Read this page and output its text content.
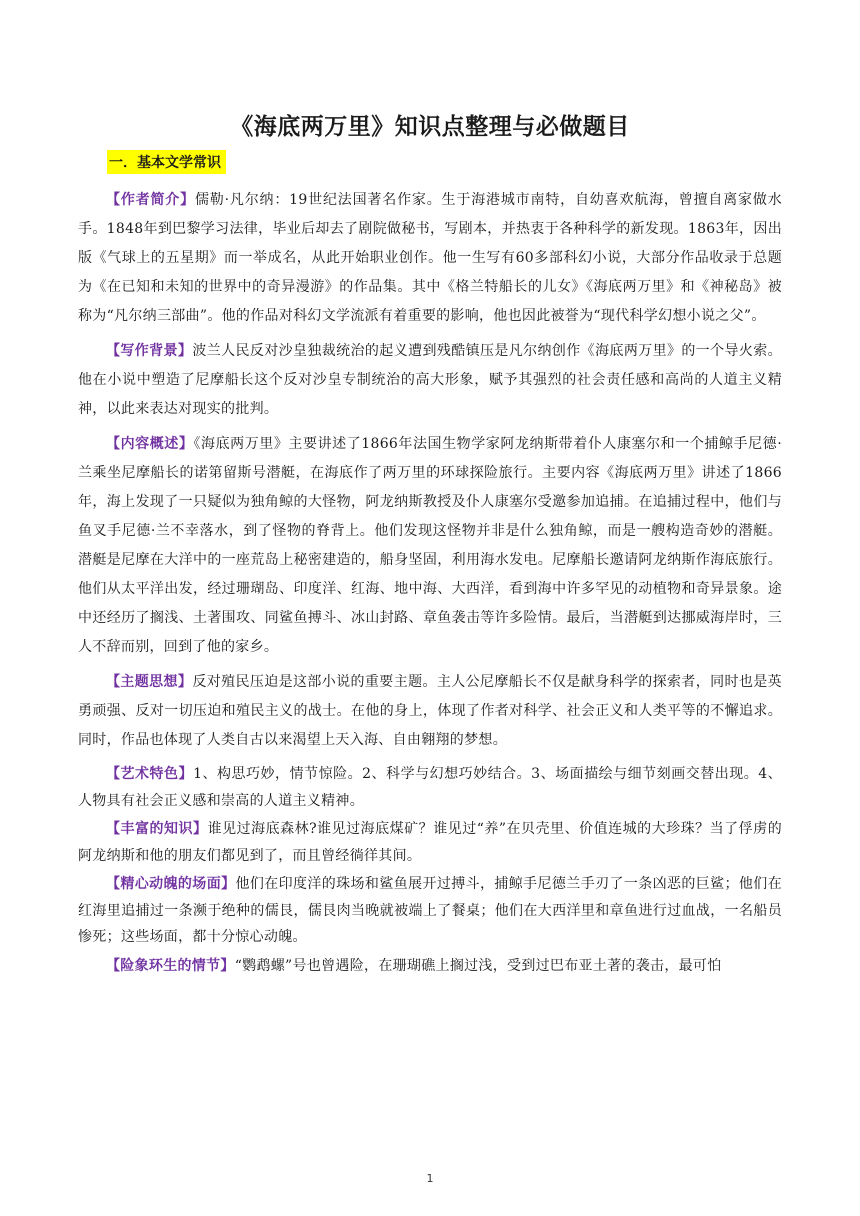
《海底两万里》知识点整理与必做题目
一．基本文学常识

【作者简介】儒勒·凡尔纳：19世纪法国著名作家。生于海港城市南特，自幼喜欢航海，曾擅自离家做水手。1848年到巴黎学习法律，毕业后却去了剧院做秘书，写剧本，并热衷于各种科学的新发现。1863年，因出版《气球上的五星期》而一举成名，从此开始职业创作。他一生写有60多部科幻小说，大部分作品收录于总题为《在已知和未知的世界中的奇异漫游》的作品集。其中《格兰特船长的儿女》《海底两万里》和《神秘岛》被称为“凡尔纳三部曲”。他的作品对科幻文学流派有着重要的影响，他也因此被誉为“现代科学幻想小说之父”。

【写作背景】波兰人民反对沙皇独裁统治的起义遭到残酷镇压是凡尔纳创作《海底两万里》的一个导火索。他在小说中塑造了尼摩船长这个反对沙皇专制统治的高大形象，赋予其强烈的社会责任感和高尚的人道主义精神，以此来表达对现实的批判。

【内容概述】《海底两万里》主要讲述了1866年法国生物学家阿龙纳斯带着仆人康塞尔和一个捕鲸手尼德·兰乘坐尼摩船长的诺第留斯号潜艇，在海底作了两万里的环球探险旅行。主要内容《海底两万里》讲述了1866年，海上发现了一只疑似为独角鲸的大怪物，阿龙纳斯教授及仆人康塞尔受邀参加追捕。在追捕过程中，他们与鱼叉手尼德·兰不幸落水，到了怪物的脊背上。他们发现这怪物并非是什么独角鲸，而是一艘构造奇妙的潜艇。潜艇是尼摩在大洋中的一座荒岛上秘密建造的，船身坚固，利用海水发电。尼摩船长邀请阿龙纳斯作海底旅行。他们从太平洋出发，经过珊瑚岛、印度洋、红海、地中海、大西洋，看到海中许多罕见的动植物和奇异景象。途中还经历了搁浅、土著围攻、同鲨鱼搏斗、冰山封路、章鱼袭击等许多险情。最后，当潜艇到达挪威海岸时，三人不辞而别，回到了他的家乡。

【主题思想】反对殖民压迫是这部小说的重要主题。主人公尼摩船长不仅是献身科学的探索者，同时也是英勇顽强、反对一切压迫和殖民主义的战士。在他的身上，体现了作者对科学、社会正义和人类平等的不懈追求。同时，作品也体现了人类自古以来渴望上天入海、自由翱翔的梦想。

【艺术特色】1、构思巧妙，情节惊险。2、科学与幻想巧妙结合。3、场面描绘与细节刻画交替出现。4、人物具有社会正义感和崇高的人道主义精神。

【丰富的知识】谁见过海底森林?谁见过海底煤矿？谁见过“养”在贝壳里、价值连城的大珍珠？当了俘虏的阿龙纳斯和他的朋友们都见到了，而且曾经徜徉其间。

【精心动魄的场面】他们在印度洋的珠场和鲨鱼展开过搏斗，捕鲸手尼德兰手刃了一条凶恶的巨鲨；他们在红海里追捕过一条濒于绝种的儒艮，儒艮肉当晚就被端上了餐桌；他们在大西洋里和章鱼进行过血战，一名船员惨死；这些场面，都十分惊心动魄。

【险象环生的情节】“鹦鹉螺”号也曾遇险，在珊瑚礁上搁过浅，受到过巴布亚土著的袭击，最可怕

1
